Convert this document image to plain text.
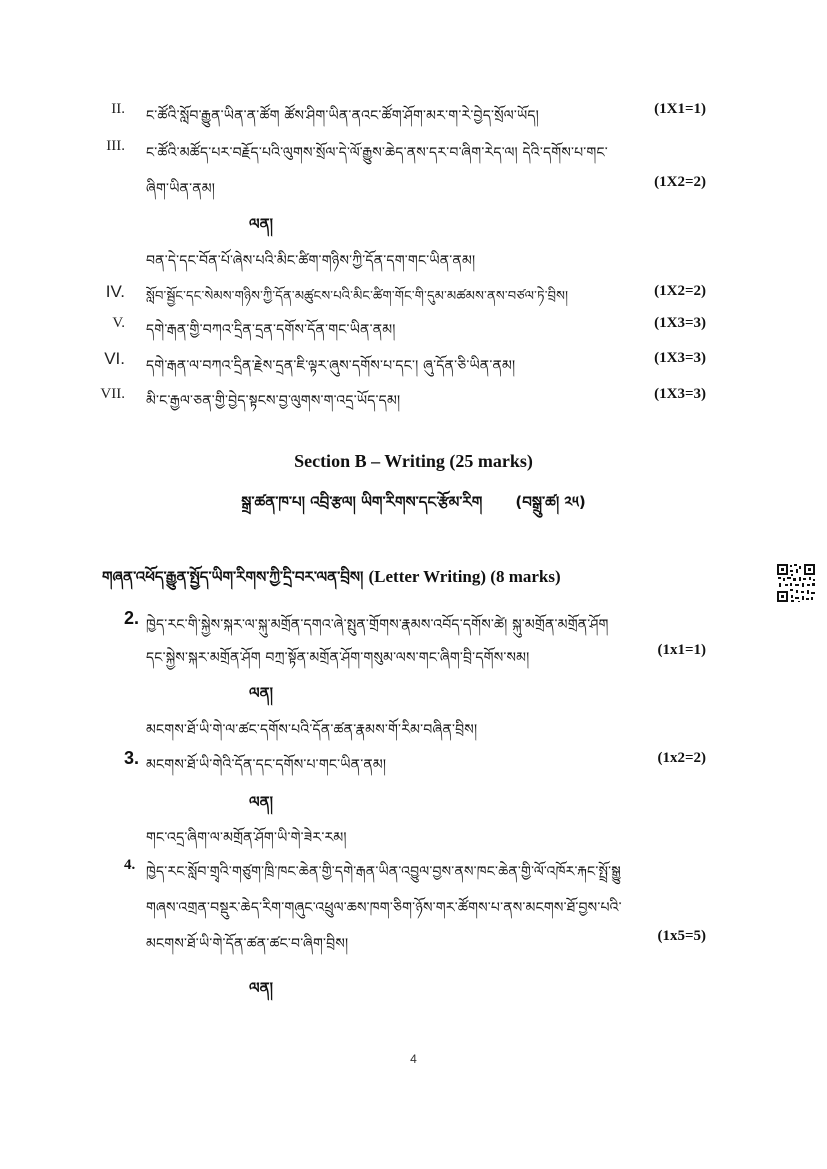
II. ང་ཚོའི་སློབ་རྒྱུན་ཡིན་ན་ཚོག ཚོས་ཤིག་ཡིན་ནའང་ཚོག་ཤོག་མར་ག་རེ་བྱེད་སྲོལ་ཡོད།	(1X1=1)
III. ང་ཚོའི་མཚོད་པར་བརྗོད་པའི་ལུགས་སྲོལ་དེ་ལོ་རྒྱུས་ཆེད་ནས་དར་བ་ཞིག་རེད་ལ། དེའི་དགོས་པ་གང་
ཞིག་ཡིན་ནམ།	(1X2=2)
ལན།
བན་དེ་དང་བོན་པོ་ཞེས་པའི་མིང་ཚིག་གཉིས་ཀྱི་དོན་དག་གང་ཡིན་ནམ།
IV. སློབ་སྦྱོང་དང་སེམས་གཉིས་ཀྱི་དོན་མཚུངས་པའི་མིང་ཚིག་གོང་གི་དུམ་མཚམས་ནས་བཙལ་ཏེ་བྲིས།	(1X2=2)
V. དགེ་རྒན་གྱི་བཀའ་དྲིན་དྲན་དགོས་དོན་གང་ཡིན་ནམ།	(1X3=3)
VI. དགེ་རྒན་ལ་བཀའ་དྲིན་རྗེས་དྲན་ཇི་ལྟར་ཞུས་དགོས་པ་དང་། ཞུ་དོན་ཅི་ཡིན་ནམ།	(1X3=3)
VII. མི་ང་རྒྱལ་ཅན་གྱི་བྱེད་སྟངས་བྱ་ལུགས་ག་འདྲ་ཡོད་དམ།	(1X3=3)
Section B – Writing (25 marks)
སྒྲ་ཚན་ཁ་པ། འབྲི་རྩལ། ཡིག་རིགས་དང་རྩོམ་རིག (བསྒྲུ་ཚ། ༢༥)
གཞན་འཕོད་རྒྱུན་སྤྱོད་ཡིག་རིགས་ཀྱི་དྲི་བར་ལན་བྲིས། (Letter Writing) (8 marks)
2. ཁྱེད་རང་གི་སྐྱེས་སྐར་ལ་སྐུ་མགྲོན་དགའ་ཞེ་སྤུན་གྲོགས་རྣམས་འབོད་དགོས་ཚེ། སྐུ་མགྲོན་མགྲོན་ཤོག
དང་སྐྱེས་སྐར་མགྲོན་ཤོག བཀྲ་སྟོན་མགྲོན་ཤོག་གསུམ་ལས་གང་ཞིག་བྲི་དགོས་སམ།	(1x1=1)
ལན།
མངགས་ཐོ་ཡི་གེ་ལ་ཚང་དགོས་པའི་དོན་ཚན་རྣམས་གོ་རིམ་བཞིན་བྲིས།
3. མངགས་ཐོ་ཡི་གེའི་དོན་དང་དགོས་པ་གང་ཡིན་ནམ།	(1x2=2)
ལན།
གང་འདྲ་ཞིག་ལ་མགྲོན་ཤོག་ཡི་གེ་ཟེར་རམ།
4. ཁྱེད་རང་སློབ་གྲྭའི་གཙུག་ཁྲི་ཁང་ཆེན་གྱི་དགེ་རྒན་ཡིན་འབྱུལ་བྱས་ནས་ཁང་ཆེན་གྱི་ལོ་འཁོར་རྐང་སྤྲོ་སྒྱུ
གཞས་འགྲན་བསྡུར་ཆེད་རིག་གཞུང་འཕྲུལ་ཆས་ཁག་ཅིག་ཉོས་གར་ཚོགས་པ་ནས་མངགས་ཐོ་བྱས་པའི་
མངགས་ཐོ་ཡི་གེ་དོན་ཚན་ཚང་བ་ཞིག་བྲིས།	(1x5=5)
ལན།
4
